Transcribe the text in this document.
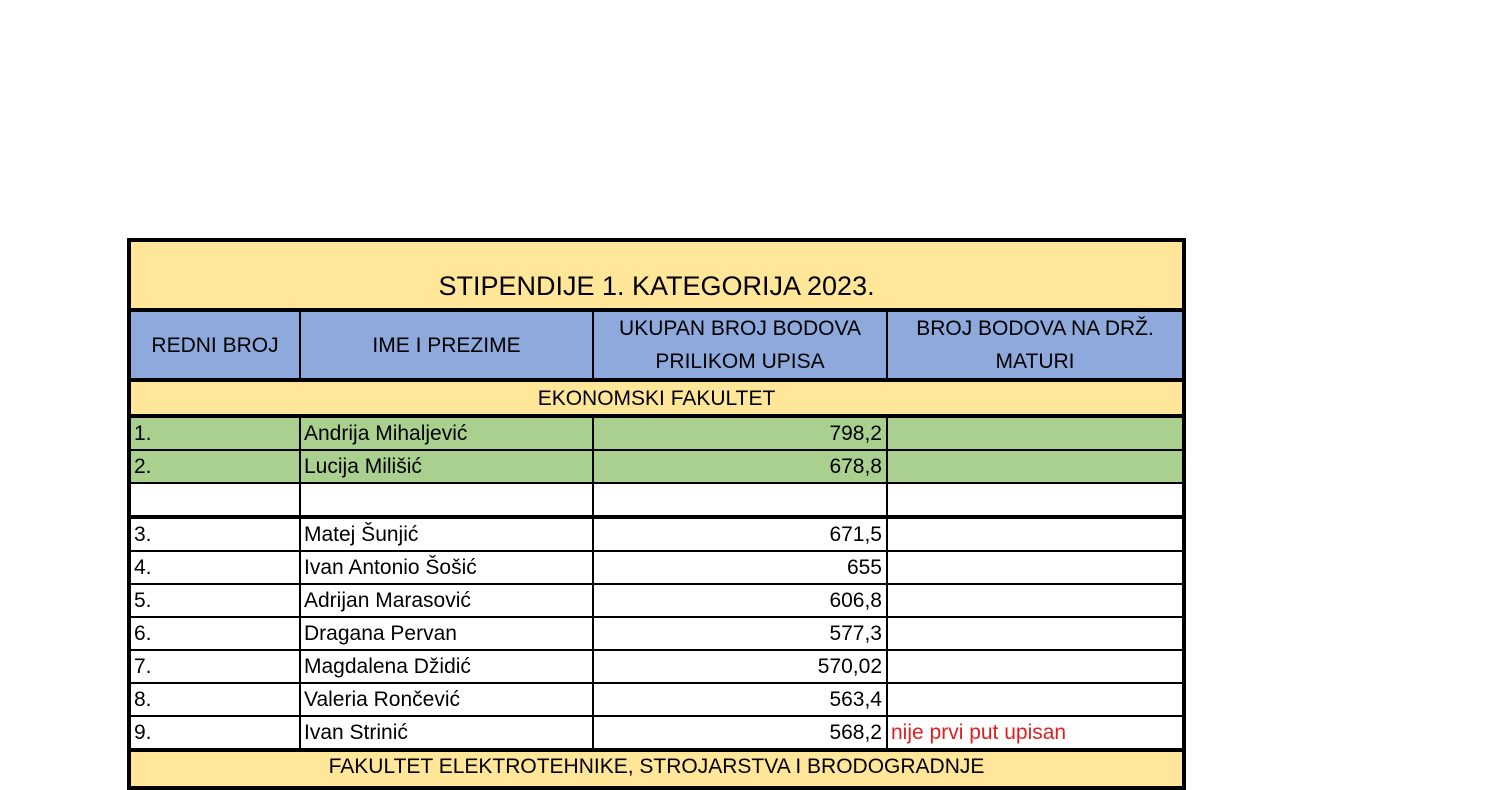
STIPENDIJE 1. KATEGORIJA 2023.			
REDNI BROJ	IME I PREZIME	UKUPAN BROJ BODOVA PRILIKOM UPISA	BROJ BODOVA NA DRŽ. MATURI
EKONOMSKI FAKULTET			
1.	Andrija Mihaljević	798,2	
2.	Lucija Milišić	678,8	

3.	Matej Šunjić	671,5	
4.	Ivan Antonio Šošić	655	
5.	Adrijan Marasović	606,8	
6.	Dragana Pervan	577,3	
7.	Magdalena Džidić	570,02	
8.	Valeria Rončević	563,4	
9.	Ivan Strinić	568,2	nije prvi put upisan
FAKULTET ELEKTROTEHNIKE, STROJARSTVA I BRODOGRADNJE			
